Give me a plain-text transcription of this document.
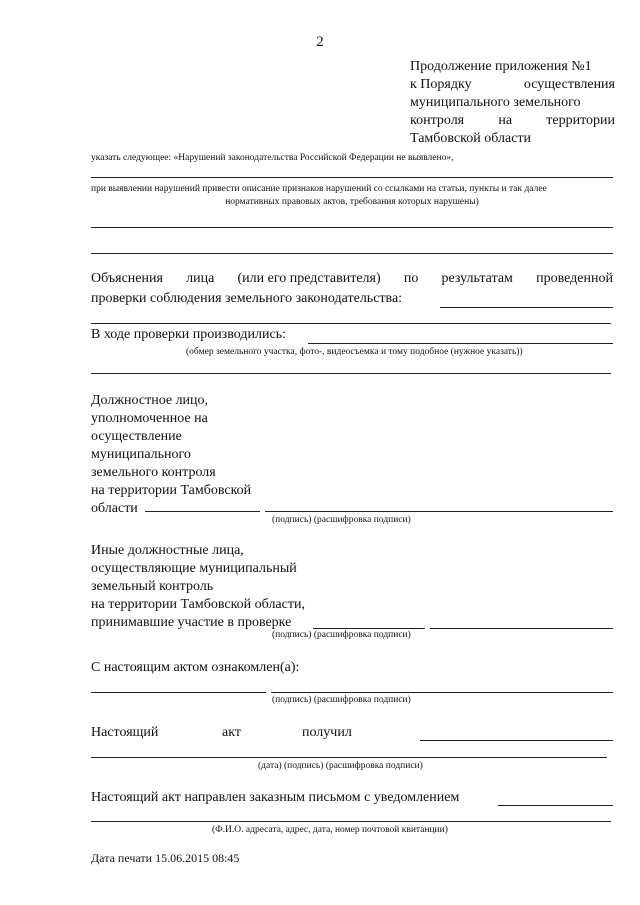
2
Продолжение приложения №1
к Порядку	осуществления
муниципального земельного
контроля на территории
Тамбовской области
указать следующее: «Нарушений законодательства Российской Федерации не выявлено»,
при выявлении нарушений привести описание признаков нарушений со ссылками на статьи, пункты и так далее
нормативных правовых актов, требования которых нарушены)
Объяснения лица (или его представителя) по результатам проведенной
проверки соблюдения земельного законодательства:
В ходе проверки производились:
(обмер земельного участка, фото-, видеосъемка и тому подобное (нужное указать))
Должностное лицо,
уполномоченное на
осуществление
муниципального
земельного контроля
на территории Тамбовской
области
(подпись) (расшифровка подписи)
Иные должностные лица,
осуществляющие муниципальный
земельный контроль
на территории Тамбовской области,
принимавшие участие в проверке
(подпись) (расшифровка подписи)
С настоящим актом ознакомлен(а):
(подпись) (расшифровка подписи)
Настоящий	акт	получил
(дата) (подпись) (расшифровка подписи)
Настоящий акт направлен заказным письмом с уведомлением
(Ф.И.О. адресата, адрес, дата, номер почтовой квитанции)
Дата печати 15.06.2015 08:45
